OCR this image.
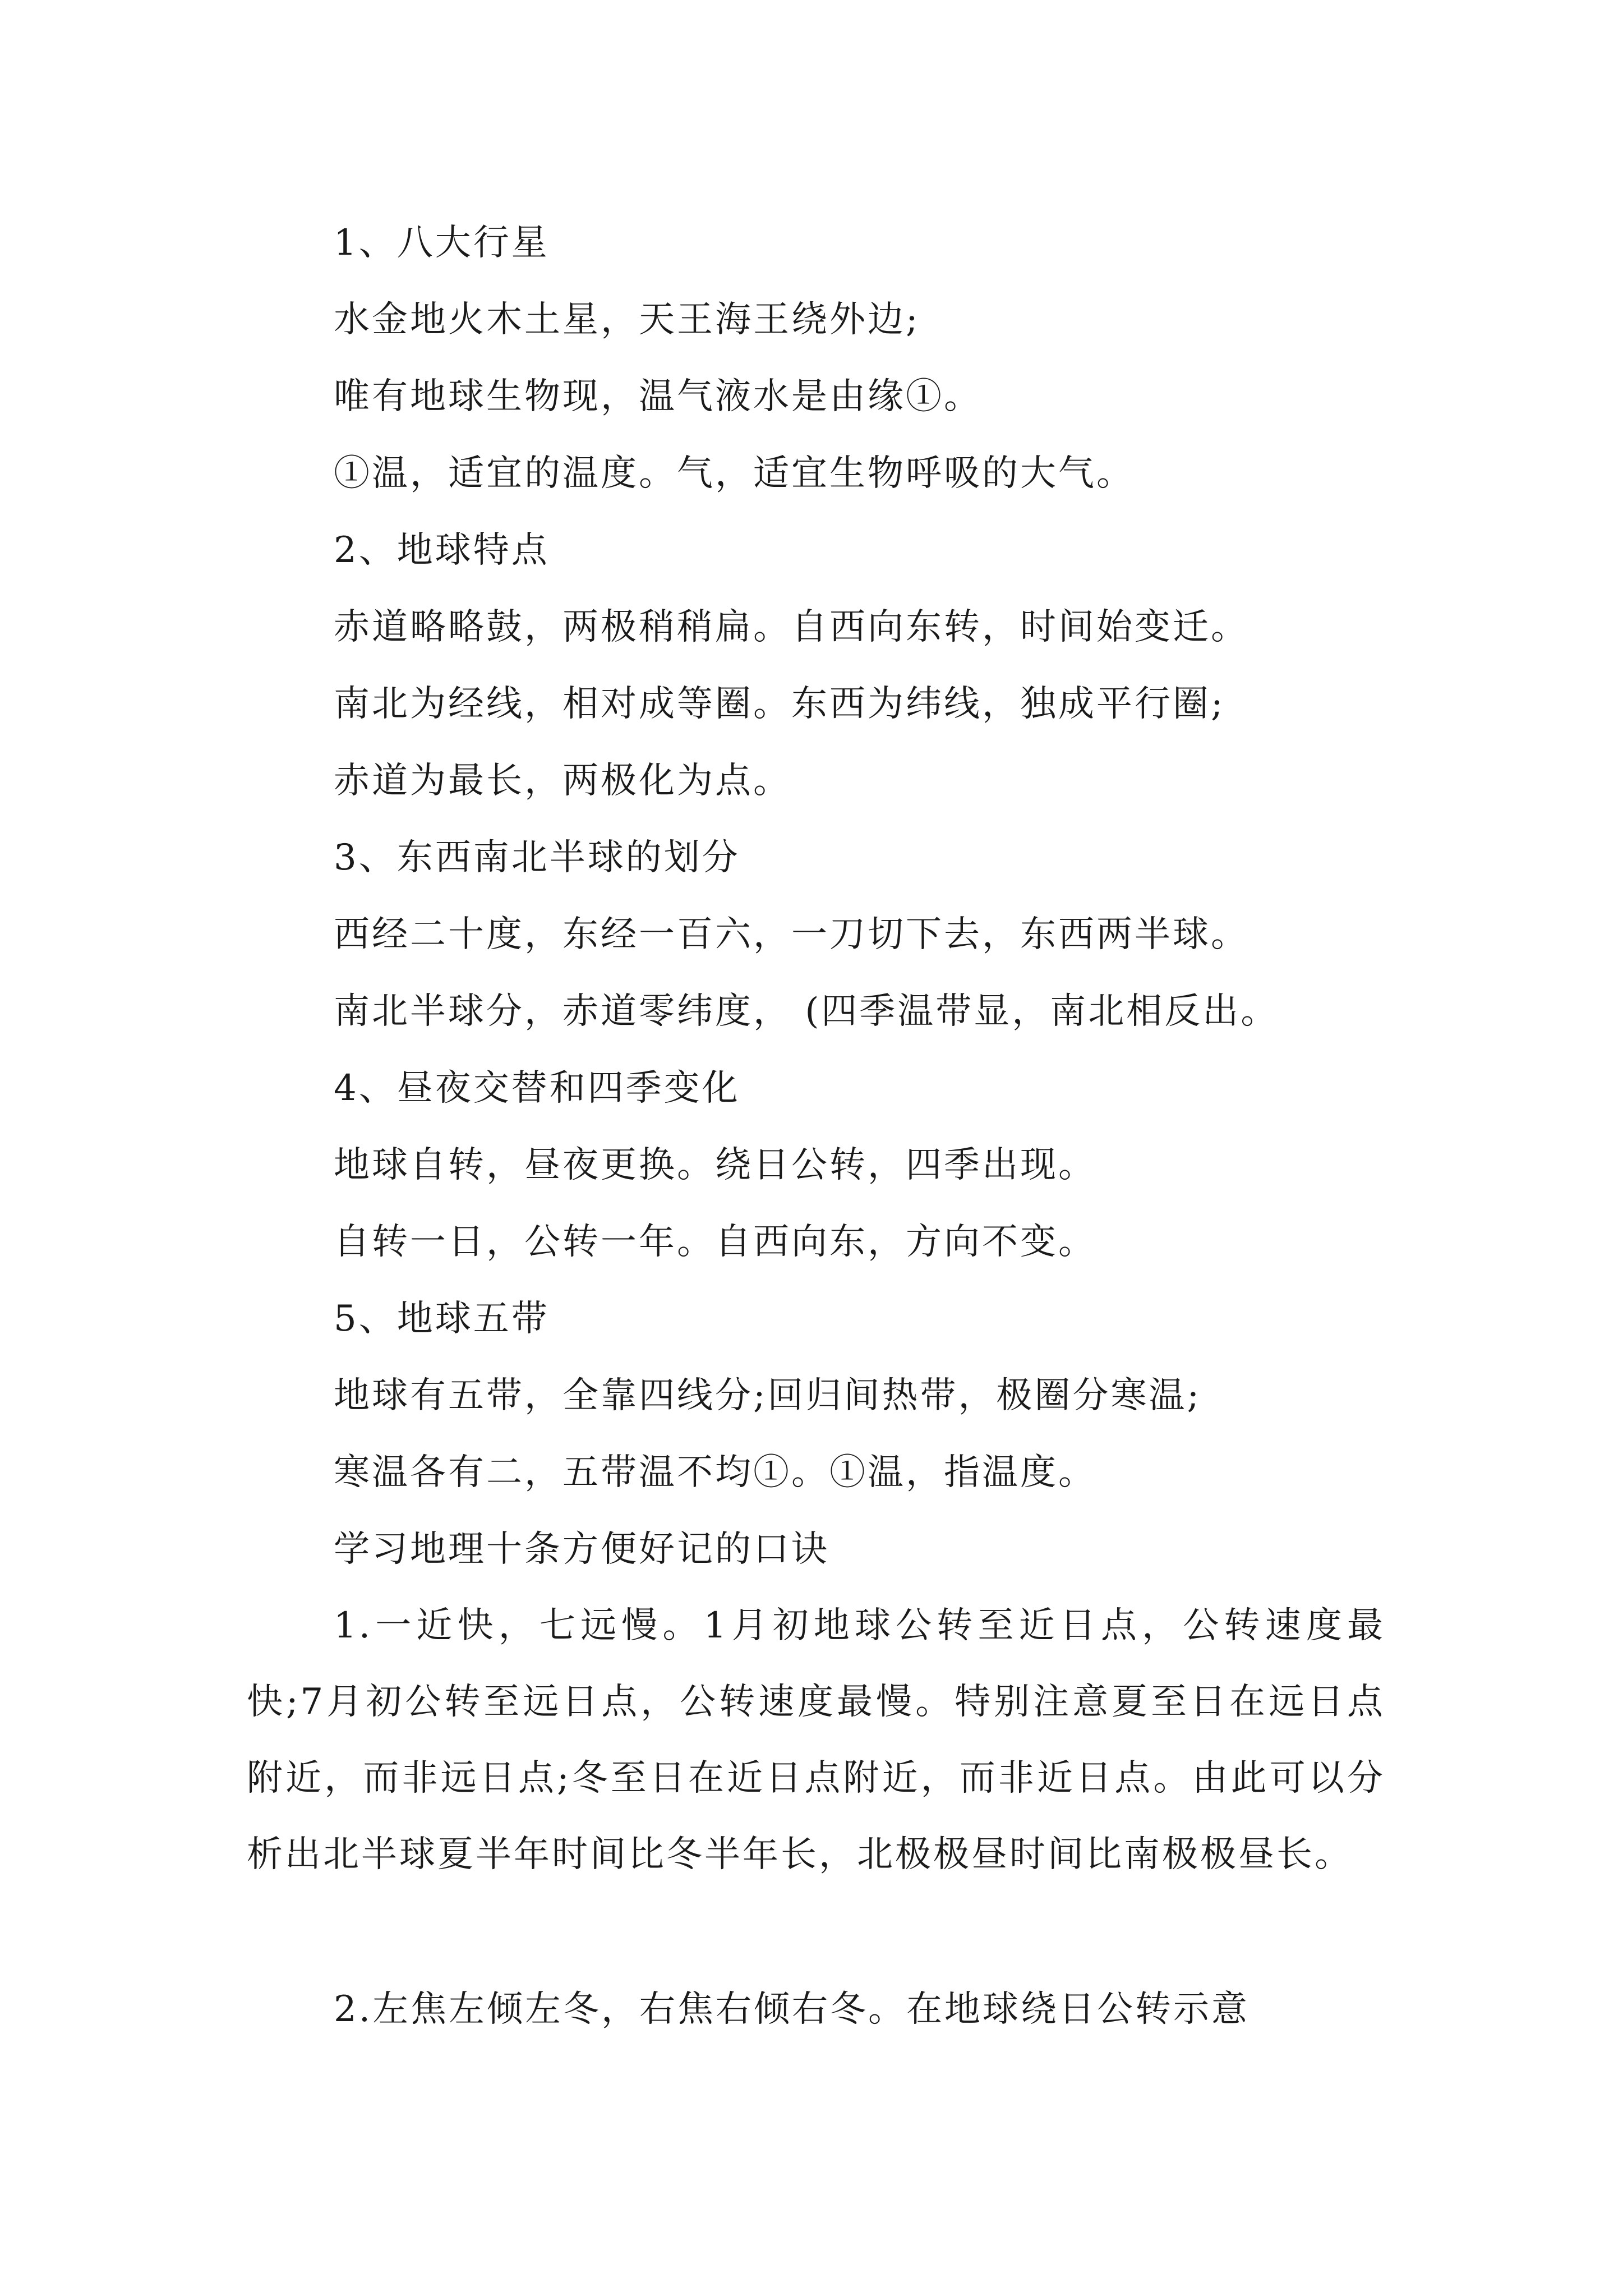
1、八大行星
水金地火木土星，天王海王绕外边;
唯有地球生物现，温气液水是由缘①。
①温，适宜的温度。气，适宜生物呼吸的大气。
2、地球特点
赤道略略鼓，两极稍稍扁。自西向东转，时间始变迁。
南北为经线，相对成等圈。东西为纬线，独成平行圈;
赤道为最长，两极化为点。
3、东西南北半球的划分
西经二十度，东经一百六，一刀切下去，东西两半球。
南北半球分，赤道零纬度， (四季温带显，南北相反出。
4、昼夜交替和四季变化
地球自转，昼夜更换。绕日公转，四季出现。
自转一日，公转一年。自西向东，方向不变。
5、地球五带
地球有五带，全靠四线分;回归间热带，极圈分寒温;
寒温各有二，五带温不均①。①温，指温度。
学习地理十条方便好记的口诀
1.一近快，七远慢。1月初地球公转至近日点，公转速度最快;7月初公转至远日点，公转速度最慢。特别注意夏至日在远日点附近，而非远日点;冬至日在近日点附近，而非近日点。由此可以分析出北半球夏半年时间比冬半年长，北极极昼时间比南极极昼长。
2.左焦左倾左冬，右焦右倾右冬。在地球绕日公转示意
